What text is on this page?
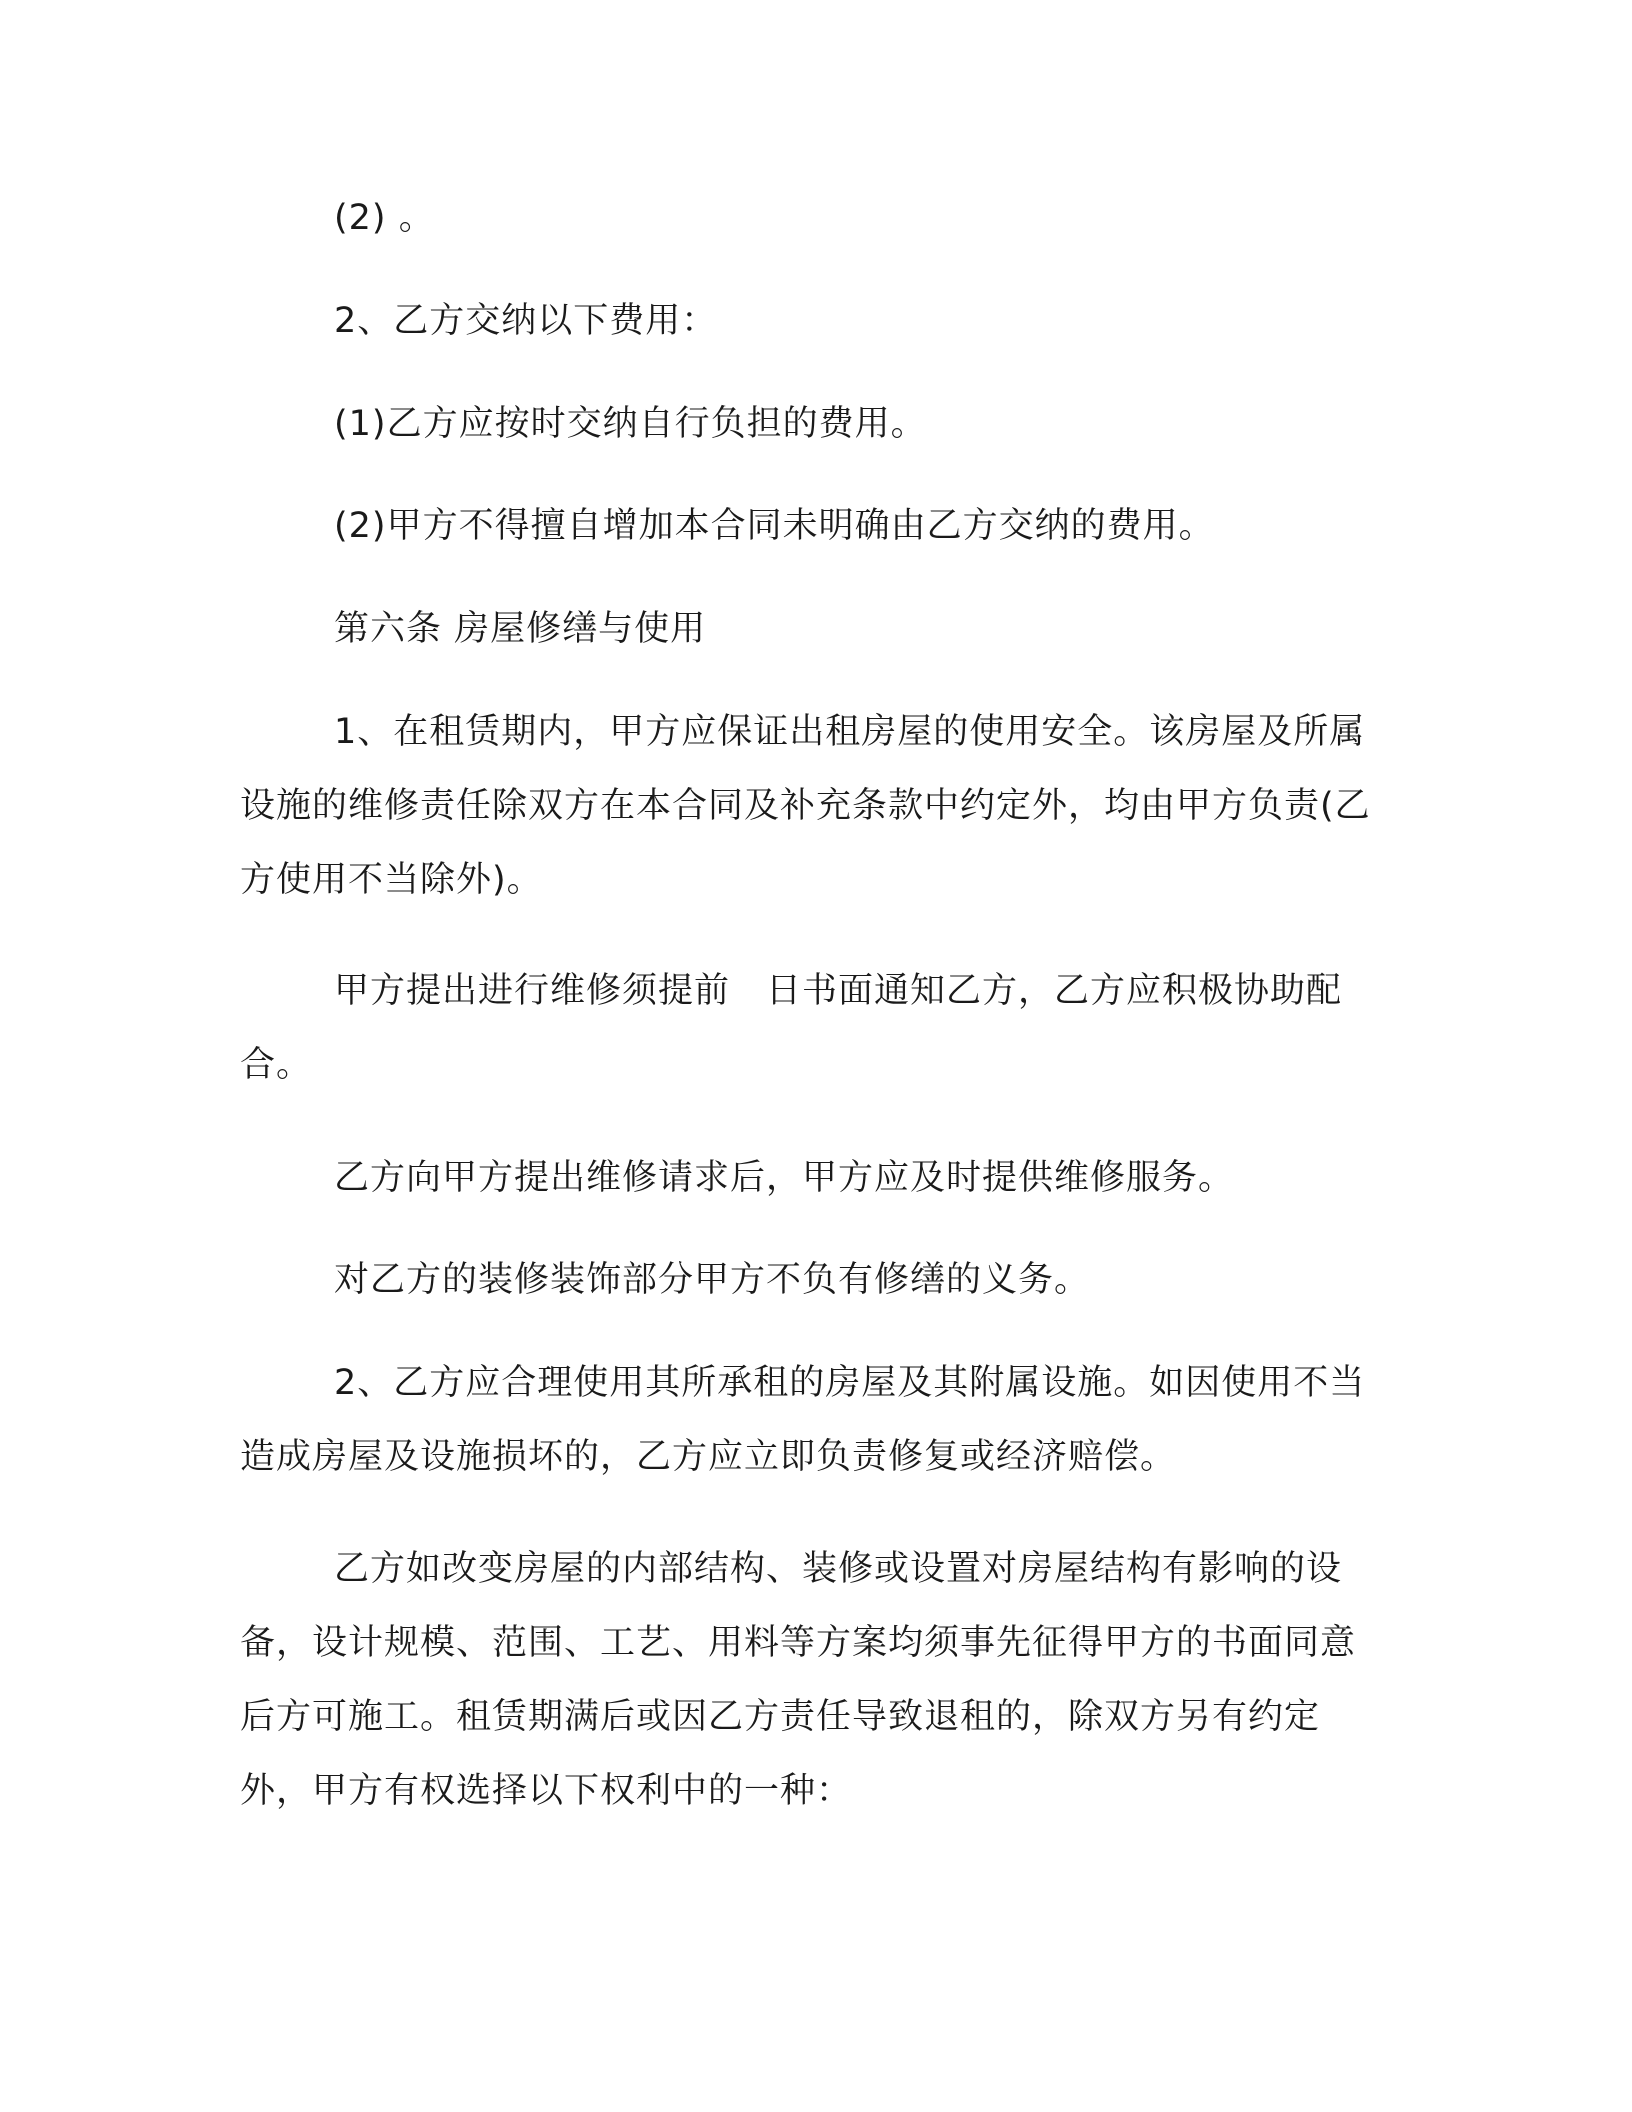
(2) 。

2、乙方交纳以下费用：

(1)乙方应按时交纳自行负担的费用。

(2)甲方不得擅自增加本合同未明确由乙方交纳的费用。

第六条 房屋修缮与使用

1、在租赁期内，甲方应保证出租房屋的使用安全。该房屋及所属设施的维修责任除双方在本合同及补充条款中约定外，均由甲方负责(乙方使用不当除外)。

甲方提出进行维修须提前　日书面通知乙方，乙方应积极协助配合。

乙方向甲方提出维修请求后，甲方应及时提供维修服务。

对乙方的装修装饰部分甲方不负有修缮的义务。

2、乙方应合理使用其所承租的房屋及其附属设施。如因使用不当造成房屋及设施损坏的，乙方应立即负责修复或经济赔偿。

乙方如改变房屋的内部结构、装修或设置对房屋结构有影响的设备，设计规模、范围、工艺、用料等方案均须事先征得甲方的书面同意后方可施工。租赁期满后或因乙方责任导致退租的，除双方另有约定外，甲方有权选择以下权利中的一种：
